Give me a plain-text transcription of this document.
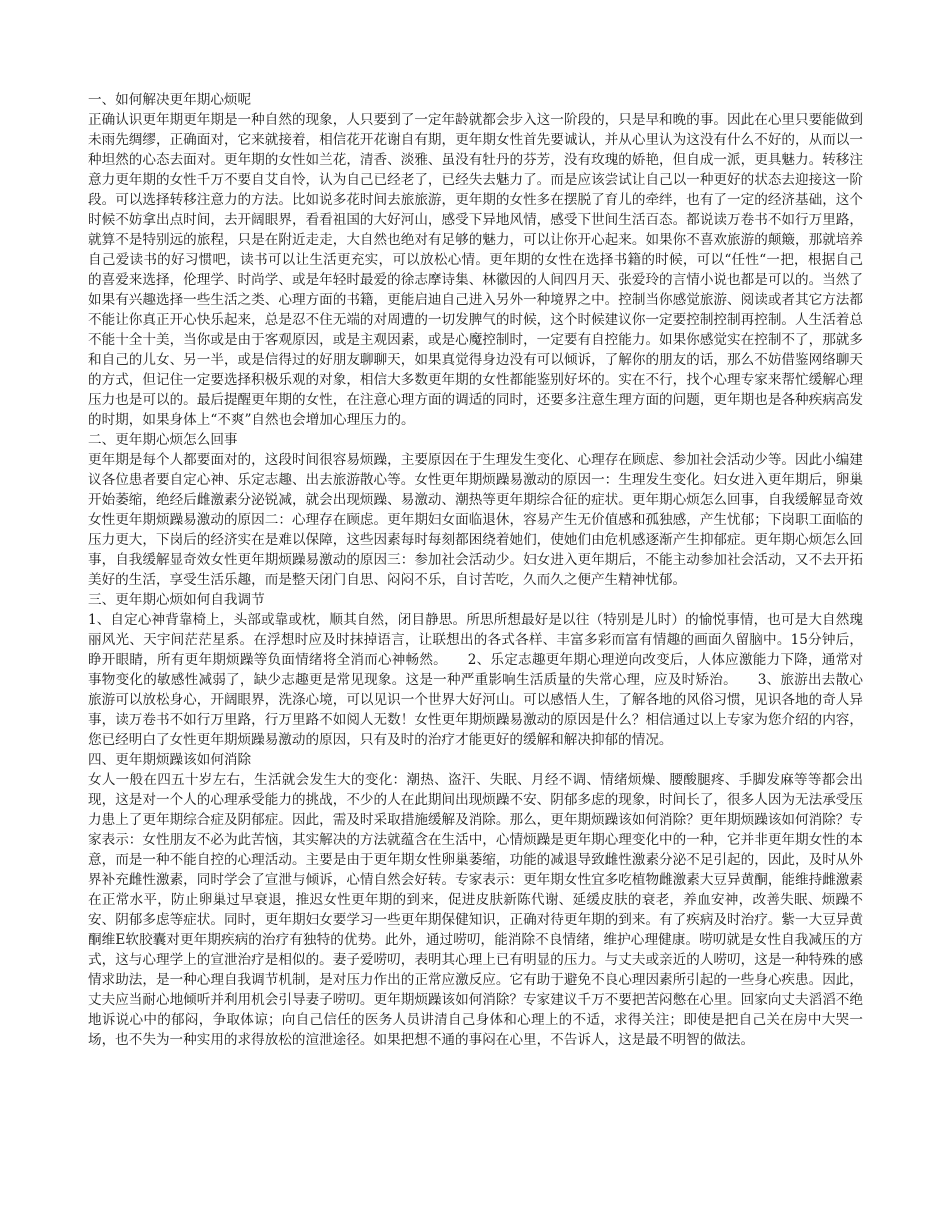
一、如何解决更年期心烦呢

正确认识更年期更年期是一种自然的现象，人只要到了一定年龄就都会步入这一阶段的，只是早和晚的事。因此在心里只要能做到未雨先绸缪，正确面对，它来就接着，相信花开花谢自有期，更年期女性首先要诚认，并从心里认为这没有什么不好的，从而以一种坦然的心态去面对。更年期的女性如兰花，清香、淡雅、虽没有牡丹的芬芳，没有玫瑰的娇艳，但自成一派，更具魅力。转移注意力更年期的女性千万不要自艾自怜，认为自己已经老了，已经失去魅力了。而是应该尝试让自己以一种更好的状态去迎接这一阶段。可以选择转移注意力的方法。比如说多花时间去旅旅游，更年期的女性多在摆脱了育儿的牵绊，也有了一定的经济基础，这个时候不妨拿出点时间，去开阔眼界，看看祖国的大好河山，感受下异地风情，感受下世间生活百态。都说读万卷书不如行万里路，就算不是特别远的旅程，只是在附近走走，大自然也绝对有足够的魅力，可以让你开心起来。如果你不喜欢旅游的颠簸，那就培养自己爱读书的好习惯吧，读书可以让生活更充实，可以放松心情。更年期的女性在选择书籍的时候，可以“任性“一把，根据自己的喜爱来选择，伦理学、时尚学、或是年轻时最爱的徐志摩诗集、林徽因的人间四月天、张爱玲的言情小说也都是可以的。当然了如果有兴趣选择一些生活之类、心理方面的书籍，更能启迪自己进入另外一种境界之中。控制当你感觉旅游、阅读或者其它方法都不能让你真正开心快乐起来，总是忍不住无端的对周遭的一切发脾气的时候，这个时候建议你一定要控制控制再控制。人生活着总不能十全十美，当你或是由于客观原因，或是主观因素，或是心魔控制时，一定要有自控能力。如果你感觉实在控制不了，那就多和自己的儿女、另一半，或是信得过的好朋友聊聊天，如果真觉得身边没有可以倾诉，了解你的朋友的话，那么不妨借鉴网络聊天的方式，但记住一定要选择积极乐观的对象，相信大多数更年期的女性都能鉴别好坏的。实在不行，找个心理专家来帮忙缓解心理压力也是可以的。最后提醒更年期的女性，在注意心理方面的调适的同时，还要多注意生理方面的问题，更年期也是各种疾病高发的时期，如果身体上“不爽”自然也会增加心理压力的。

二、更年期心烦怎么回事

更年期是每个人都要面对的，这段时间很容易烦躁，主要原因在于生理发生变化、心理存在顾虑、参加社会活动少等。因此小编建议各位患者要自定心神、乐定志趣、出去旅游散心等。女性更年期烦躁易激动的原因一：生理发生变化。妇女进入更年期后，卵巢开始萎缩，绝经后雌激素分泌锐减，就会出现烦躁、易激动、潮热等更年期综合征的症状。更年期心烦怎么回事，自我缓解显奇效女性更年期烦躁易激动的原因二：心理存在顾虑。更年期妇女面临退休，容易产生无价值感和孤独感，产生忧郁；下岗职工面临的压力更大，下岗后的经济实在是难以保障，这些因素每时每刻都困绕着她们，使她们由危机感逐渐产生抑郁症。更年期心烦怎么回事，自我缓解显奇效女性更年期烦躁易激动的原因三：参加社会活动少。妇女进入更年期后，不能主动参加社会活动，又不去开拓美好的生活，享受生活乐趣，而是整天闭门自思、闷闷不乐，自讨苦吃，久而久之便产生精神忧郁。

三、更年期心烦如何自我调节

1、自定心神背靠椅上，头部或靠或枕，顺其自然，闭目静思。所思所想最好是以往（特别是儿时）的愉悦事情，也可是大自然瑰丽风光、天宇间茫茫星系。在浮想时应及时抹掉语言，让联想出的各式各样、丰富多彩而富有情趣的画面久留脑中。15分钟后，睁开眼睛，所有更年期烦躁等负面情绪将全消而心神畅然。　　2、乐定志趣更年期心理逆向改变后，人体应激能力下降，通常对事物变化的敏感性减弱了，缺少志趣更是常见现象。这是一种严重影响生活质量的失常心理，应及时矫治。　　3、旅游出去散心旅游可以放松身心，开阔眼界，洗涤心境，可以见识一个世界大好河山。可以感悟人生，了解各地的风俗习惯，见识各地的奇人异事，读万卷书不如行万里路，行万里路不如阅人无数！女性更年期烦躁易激动的原因是什么？相信通过以上专家为您介绍的内容，您已经明白了女性更年期烦躁易激动的原因，只有及时的治疗才能更好的缓解和解决抑郁的情况。

四、更年期烦躁该如何消除

女人一般在四五十岁左右，生活就会发生大的变化：潮热、盗汗、失眠、月经不调、情绪烦燥、腰酸腿疼、手脚发麻等等都会出现，这是对一个人的心理承受能力的挑战，不少的人在此期间出现烦躁不安、阴郁多虑的现象，时间长了，很多人因为无法承受压力患上了更年期综合症及阴郁症。因此，需及时采取措施缓解及消除。那么，更年期烦躁该如何消除？更年期烦躁该如何消除？专家表示：女性朋友不必为此苦恼，其实解决的方法就蕴含在生活中，心情烦躁是更年期心理变化中的一种，它并非更年期女性的本意，而是一种不能自控的心理活动。主要是由于更年期女性卵巢萎缩，功能的减退导致雌性激素分泌不足引起的，因此，及时从外界补充雌性激素，同时学会了宣泄与倾诉，心情自然会好转。专家表示：更年期女性宜多吃植物雌激素大豆异黄酮，能维持雌激素在正常水平，防止卵巢过早衰退，推迟女性更年期的到来，促进皮肤新陈代谢、延缓皮肤的衰老，养血安神，改善失眠、烦躁不安、阴郁多虑等症状。同时，更年期妇女要学习一些更年期保健知识，正确对待更年期的到来。有了疾病及时治疗。紫一大豆异黄酮维E软胶囊对更年期疾病的治疗有独特的优势。此外，通过唠叨，能消除不良情绪，维护心理健康。唠叨就是女性自我减压的方式，这与心理学上的宣泄治疗是相似的。妻子爱唠叨，表明其心理上已有明显的压力。与丈夫或亲近的人唠叨，这是一种特殊的感情求助法，是一种心理自我调节机制，是对压力作出的正常应激反应。它有助于避免不良心理因素所引起的一些身心疾患。因此，丈夫应当耐心地倾听并利用机会引导妻子唠叨。更年期烦躁该如何消除？专家建议千万不要把苦闷憋在心里。回家向丈夫滔滔不绝地诉说心中的郁闷，争取体谅；向自己信任的医务人员讲清自己身体和心理上的不适，求得关注；即使是把自己关在房中大哭一场，也不失为一种实用的求得放松的渲泄途径。如果把想不通的事闷在心里，不告诉人，这是最不明智的做法。
